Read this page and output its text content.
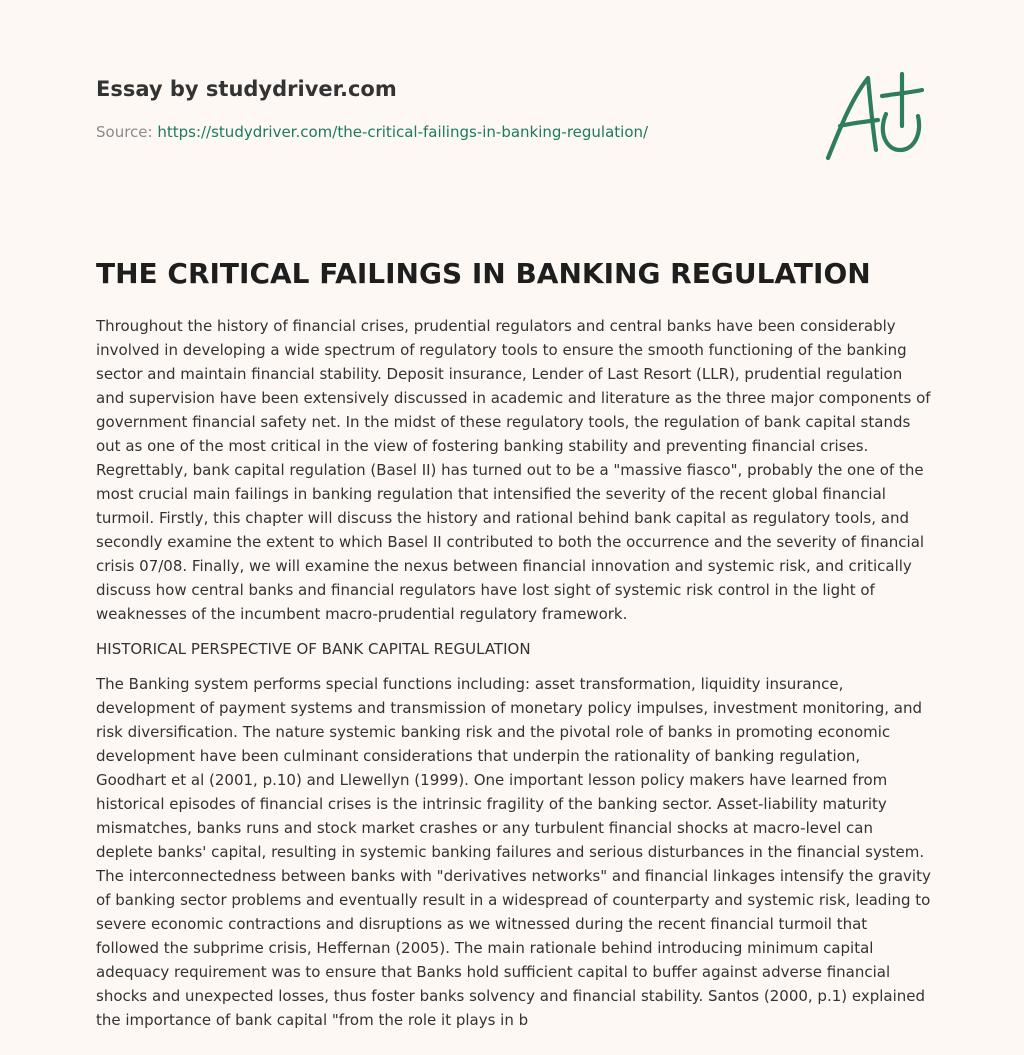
Essay by studydriver.com
Source: https://studydriver.com/the-critical-failings-in-banking-regulation/
THE CRITICAL FAILINGS IN BANKING REGULATION

Throughout the history of financial crises, prudential regulators and central banks have been considerably involved in developing a wide spectrum of regulatory tools to ensure the smooth functioning of the banking sector and maintain financial stability. Deposit insurance, Lender of Last Resort (LLR), prudential regulation and supervision have been extensively discussed in academic and literature as the three major components of government financial safety net. In the midst of these regulatory tools, the regulation of bank capital stands out as one of the most critical in the view of fostering banking stability and preventing financial crises. Regrettably, bank capital regulation (Basel II) has turned out to be a "massive fiasco", probably the one of the most crucial main failings in banking regulation that intensified the severity of the recent global financial turmoil. Firstly, this chapter will discuss the history and rational behind bank capital as regulatory tools, and secondly examine the extent to which Basel II contributed to both the occurrence and the severity of financial crisis 07/08. Finally, we will examine the nexus between financial innovation and systemic risk, and critically discuss how central banks and financial regulators have lost sight of systemic risk control in the light of weaknesses of the incumbent macro-prudential regulatory framework.

HISTORICAL PERSPECTIVE OF BANK CAPITAL REGULATION

The Banking system performs special functions including: asset transformation, liquidity insurance, development of payment systems and transmission of monetary policy impulses, investment monitoring, and risk diversification. The nature systemic banking risk and the pivotal role of banks in promoting economic development have been culminant considerations that underpin the rationality of banking regulation, Goodhart et al (2001, p.10) and Llewellyn (1999). One important lesson policy makers have learned from historical episodes of financial crises is the intrinsic fragility of the banking sector. Asset-liability maturity mismatches, banks runs and stock market crashes or any turbulent financial shocks at macro-level can deplete banks' capital, resulting in systemic banking failures and serious disturbances in the financial system. The interconnectedness between banks with "derivatives networks" and financial linkages intensify the gravity of banking sector problems and eventually result in a widespread of counterparty and systemic risk, leading to severe economic contractions and disruptions as we witnessed during the recent financial turmoil that followed the subprime crisis, Heffernan (2005). The main rationale behind introducing minimum capital adequacy requirement was to ensure that Banks hold sufficient capital to buffer against adverse financial shocks and unexpected losses, thus foster banks solvency and financial stability. Santos (2000, p.1) explained the importance of bank capital "from the role it plays in b
